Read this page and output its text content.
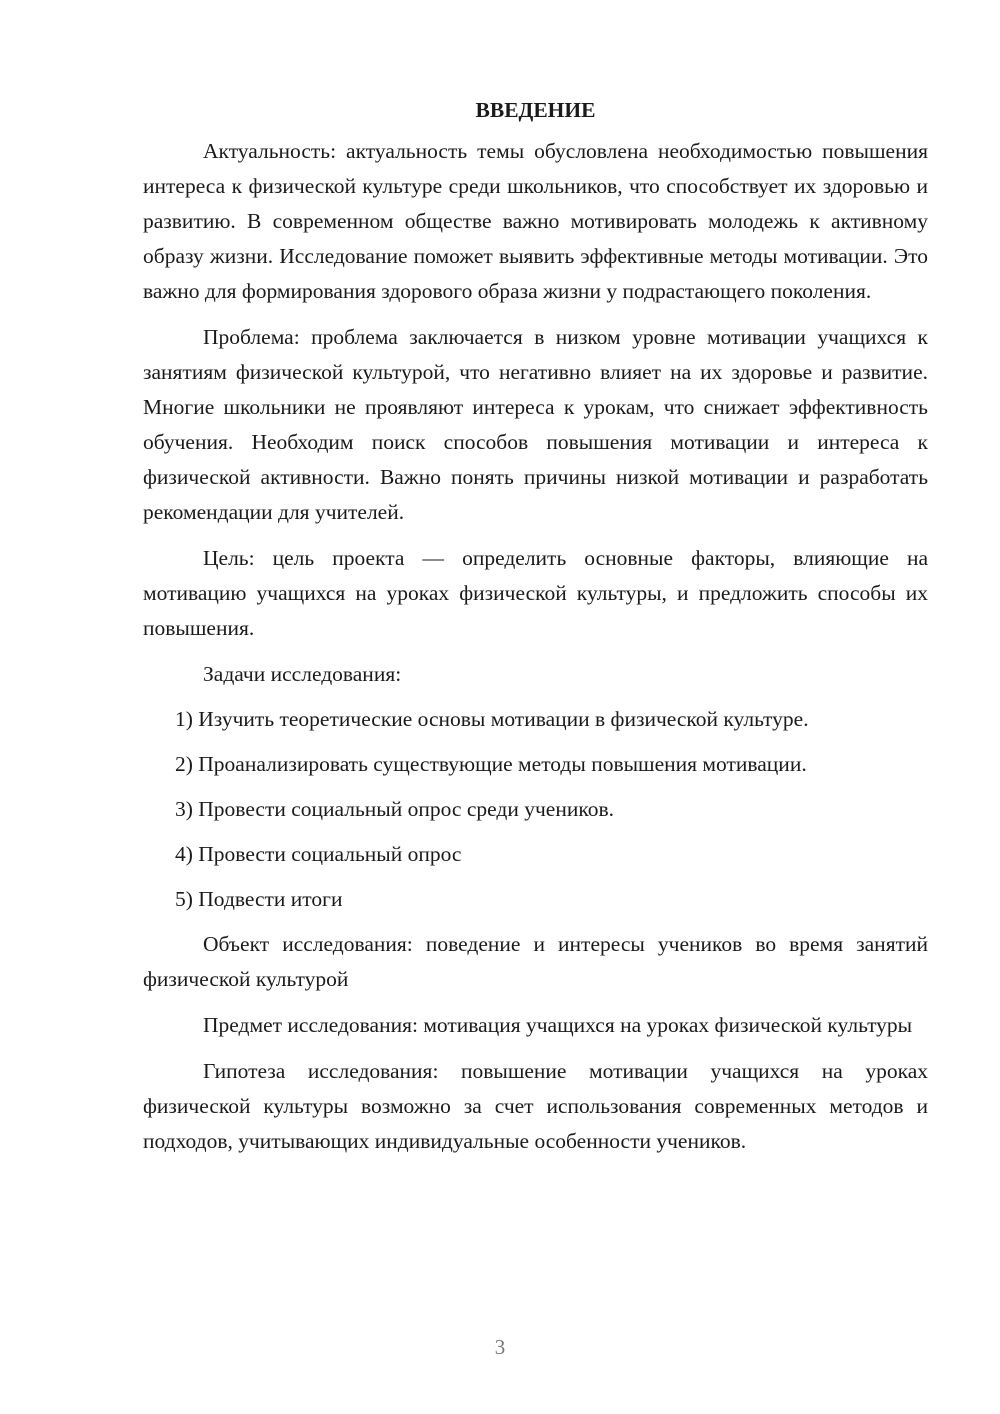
ВВЕДЕНИЕ

Актуальность: актуальность темы обусловлена необходимостью повышения интереса к физической культуре среди школьников, что способствует их здоровью и развитию. В современном обществе важно мотивировать молодежь к активному образу жизни. Исследование поможет выявить эффективные методы мотивации. Это важно для формирования здорового образа жизни у подрастающего поколения.

Проблема: проблема заключается в низком уровне мотивации учащихся к занятиям физической культурой, что негативно влияет на их здоровье и развитие. Многие школьники не проявляют интереса к урокам, что снижает эффективность обучения. Необходим поиск способов повышения мотивации и интереса к физической активности. Важно понять причины низкой мотивации и разработать рекомендации для учителей.

Цель: цель проекта — определить основные факторы, влияющие на мотивацию учащихся на уроках физической культуры, и предложить способы их повышения.

Задачи исследования:

1) Изучить теоретические основы мотивации в физической культуре.

2) Проанализировать существующие методы повышения мотивации.

3) Провести социальный опрос среди учеников.

4) Провести социальный опрос

5) Подвести итоги

Объект исследования: поведение и интересы учеников во время занятий физической культурой

Предмет исследования: мотивация учащихся на уроках физической культуры

Гипотеза исследования: повышение мотивации учащихся на уроках физической культуры возможно за счет использования современных методов и подходов, учитывающих индивидуальные особенности учеников.

3
